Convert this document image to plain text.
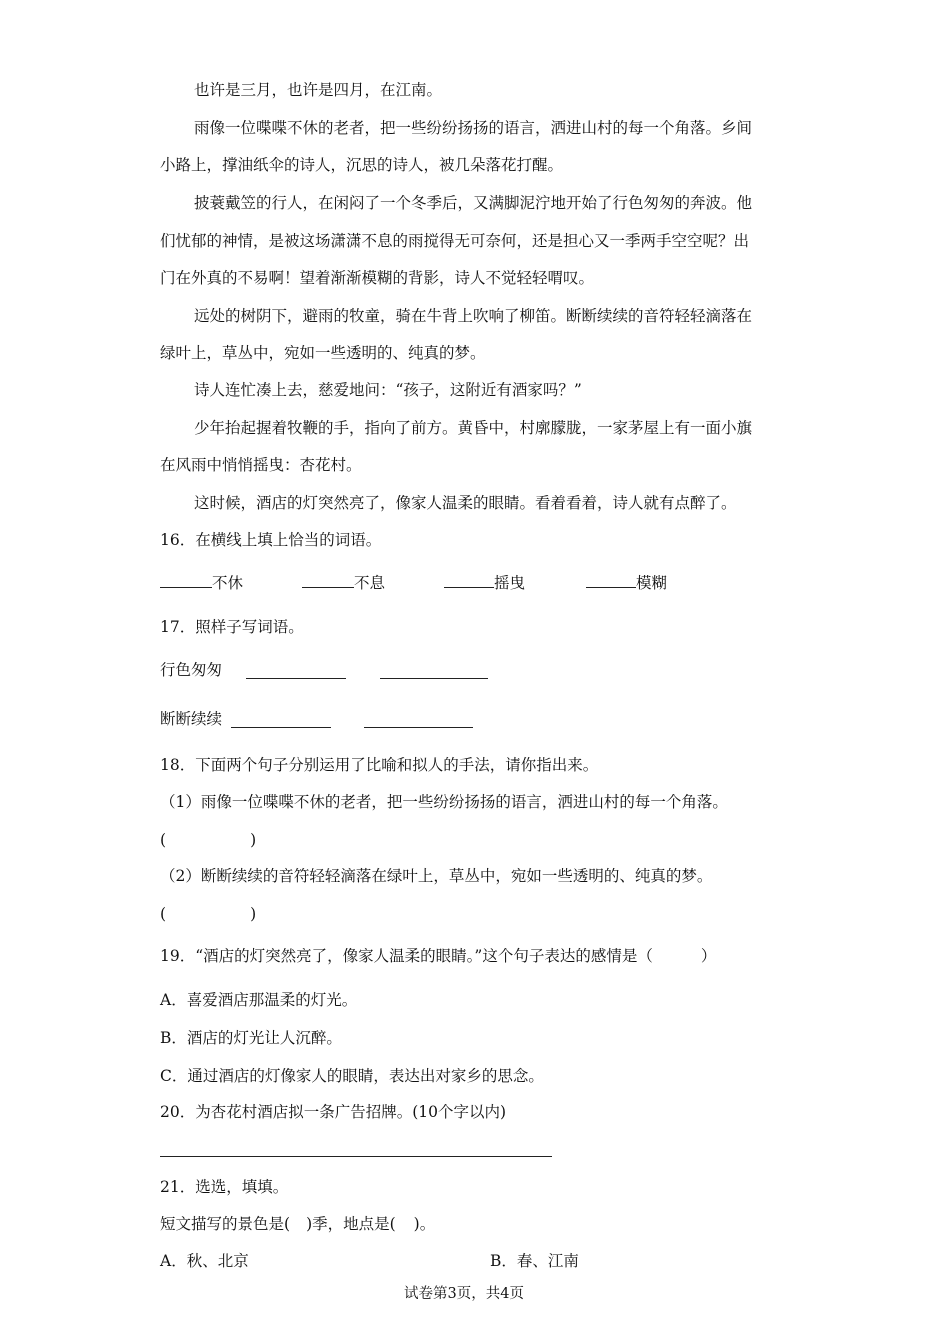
也许是三月，也许是四月，在江南。
雨像一位喋喋不休的老者，把一些纷纷扬扬的语言，洒进山村的每一个角落。乡间
小路上，撑油纸伞的诗人，沉思的诗人，被几朵落花打醒。
披蓑戴笠的行人，在闲闷了一个冬季后，又满脚泥泞地开始了行色匆匆的奔波。他
们忧郁的神情，是被这场潇潇不息的雨搅得无可奈何，还是担心又一季两手空空呢？出
门在外真的不易啊！望着渐渐模糊的背影，诗人不觉轻轻喟叹。
远处的树阴下，避雨的牧童，骑在牛背上吹响了柳笛。断断续续的音符轻轻滴落在
绿叶上，草丛中，宛如一些透明的、纯真的梦。
诗人连忙凑上去，慈爱地问：“孩子，这附近有酒家吗？”
少年抬起握着牧鞭的手，指向了前方。黄昏中，村廓朦胧，一家茅屋上有一面小旗
在风雨中悄悄摇曳：杏花村。
这时候，酒店的灯突然亮了，像家人温柔的眼睛。看着看着，诗人就有点醉了。
16．在横线上填上恰当的词语。
不休	不息	摇曳	模糊
17．照样子写词语。
行色匆匆
断断续续
18．下面两个句子分别运用了比喻和拟人的手法，请你指出来。
（1）雨像一位喋喋不休的老者，把一些纷纷扬扬的语言，洒进山村的每一个角落。
(	)
（2）断断续续的音符轻轻滴落在绿叶上，草丛中，宛如一些透明的、纯真的梦。
(	)
19．“酒店的灯突然亮了，像家人温柔的眼睛。”这个句子表达的感情是（	）
A．喜爱酒店那温柔的灯光。
B．酒店的灯光让人沉醉。
C．通过酒店的灯像家人的眼睛，表达出对家乡的思念。
20．为杏花村酒店拟一条广告招牌。(10个字以内)
21．选选，填填。
短文描写的景色是( )季，地点是( )。
A．秋、北京	B．春、江南
试卷第3页，共4页
